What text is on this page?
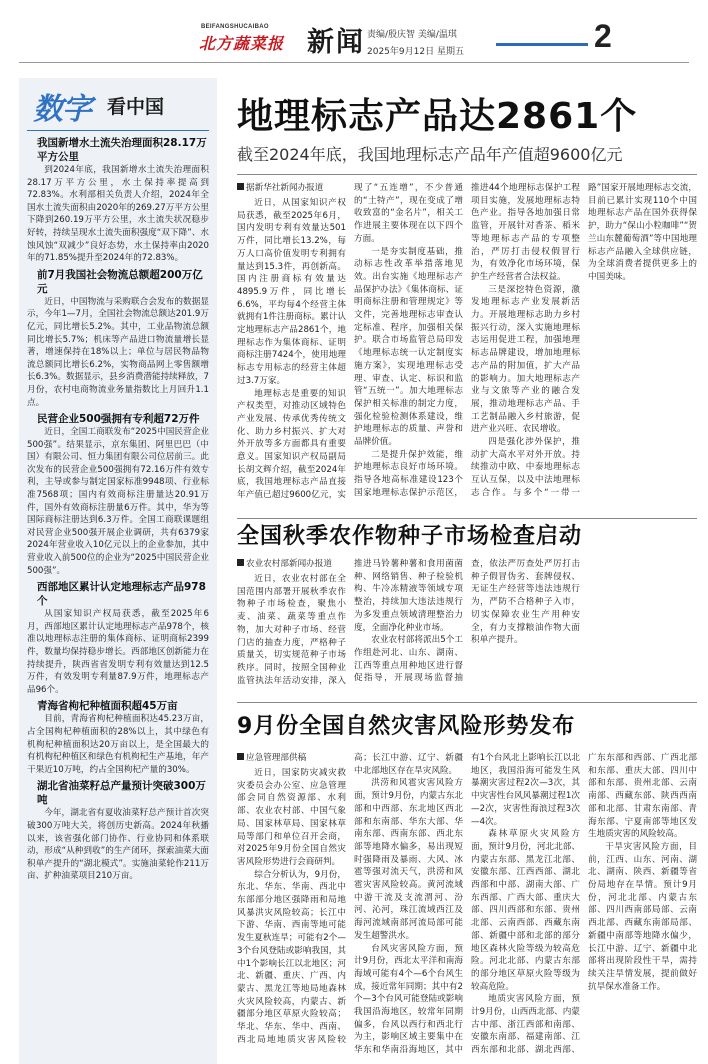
BEIFANGSHUCAIBAO
北方蔬菜报 新闻 责编/殷庆智 美编/温琪
2025年9月12日 星期五	2
数字 看中国
我国新增水土流失治理面积28.17万平方公里
到2024年底，我国新增水土流失治理面积28.17万平方公里，水土保持率提高到72.83%。水利部相关负责人介绍，2024年全国水土流失面积由2020年的269.27万平方公里下降到260.19万平方公里，水土流失状况稳步好转，持续呈现水土流失面积强度“双下降”、水蚀风蚀“双减少”良好态势，水土保持率由2020年的71.85%提升至2024年的72.83%。
前7月我国社会物流总额超200万亿元
近日，中国物流与采购联合会发布的数据显示，今年1—7月，全国社会物流总额达201.9万亿元，同比增长5.2%。其中，工业品物流总额同比增长5.7%；机床等产品进口物流量增长显著，增速保持在18%以上；单位与居民物品物流总额同比增长6.2%，实物商品网上零售额增长6.3%。数据显示，县乡消费潜能持续释放，7月份，农村电商物流业务量指数比上月回升1.1点。
民营企业500强拥有专利超72万件
近日，全国工商联发布“2025中国民营企业500强”。结果显示，京东集团、阿里巴巴（中国）有限公司、恒力集团有限公司位居前三。此次发布的民营企业500强拥有72.16万件有效专利，主导或参与制定国家标准9948项、行业标准7568项；国内有效商标注册量达20.91万件，国外有效商标注册量6万件。其中，华为等国际商标注册达到6.3万件。全国工商联课题组对民营企业500强开展企业调研，共有6379家2024年营业收入10亿元以上的企业参加，其中营业收入前500位的企业为“2025中国民营企业500强”。
西部地区累计认定地理标志产品978个
从国家知识产权局获悉，截至2025年6月，西部地区累计认定地理标志产品978个，核准以地理标志注册的集体商标、证明商标2399件，数量均保持稳步增长。西部地区创新能力在持续提升，陕西省省发明专利有效量达到12.5万件，有效发明专利量87.9万件，地理标志产品96个。
青海省枸杞种植面积超45万亩
目前，青海省枸杞种植面积达45.23万亩，占全国枸杞种植面积的28%以上，其中绿色有机枸杞种植面积达20万亩以上，是全国最大的有机枸杞种植区和绿色有机枸杞生产基地，年产干果近10万吨，约占全国枸杞产量的30%。
湖北省油菜籽总产量预计突破300万吨
今年，湖北省有夏收油菜籽总产预计首次突破300万吨大关，将创历史新高。2024年秋播以来，该省强化部门协作、行业协同和体系联动，形成“从种到收”的生产闭环，探索油菜大面积单产提升的“湖北模式”。实施油菜轮作211万亩、扩种油菜项目210万亩。
地理标志产品达2861个
截至2024年底，我国地理标志产品年产值超9600亿元
据新华社新闻办报道

近日，从国家知识产权局获悉，截至2025年6月，国内发明专利有效量达501万件，同比增长13.2%，每万人口高价值发明专利拥有量达到15.3件，再创新高。国内注册商标有效量达4895.9万件，同比增长6.6%，平均每4个经营主体就拥有1件注册商标。累计认定地理标志产品2861个，地理标志作为集体商标、证明商标注册7424个，使用地理标志专用标志的经营主体超过3.7万家。

地理标志是重要的知识产权类型，对推动区域特色产业发展、传承优秀传统文化、助力乡村振兴、扩大对外开放等多方面都具有重要意义。国家知识产权局副局长胡文辉介绍，截至2024年底，我国地理标志产品直接年产值已超过9600亿元，实现了“五连增”，不少普通的“土特产”，现在变成了增收致富的“金名片”，相关工作进展主要体现在以下四个方面。

一是夯实制度基础，推动标志性改革举措落地见效。出台实施《地理标志产品保护办法》《集体商标、证明商标注册和管理规定》等文件，完善地理标志审查认定标准、程序，加强相关保护。联合市场监管总局印发《地理标志统一认定制度实施方案》，实现地理标志受理、审查、认定、标识和监管“五统一”。加大地理标志保护相关标准的制定力度，强化检验检测体系建设，维护地理标志的质量、声誉和品牌价值。

二是提升保护效能，维护地理标志良好市场环境。指导各地高标准建设123个国家地理标志保护示范区，推进44个地理标志保护工程项目实施，发展地理标志特色产业。指导各地加强日常监管，开展针对香茶、稻米等地理标志产品的专项整治，严厉打击侵权假冒行为，有效净化市场环境，保护生产经营者合法权益。

三是深挖特色资源，激发地理标志产业发展新活力。开展地理标志助力乡村振兴行动，深入实施地理标志运用促进工程，加强地理标志品牌建设，增加地理标志产品的附加值，扩大产品的影响力。加大地理标志产业与文旅等产业的融合发展，推动地理标志产品、手工艺制品融入乡村旅游，促进产业兴旺、农民增收。

四是强化涉外保护，推动扩大高水平对外开放。持续推动中欧、中泰地理标志互认互保，以及中法地理标志合作。与多个“一带一路”国家开展地理标志交流，目前已累计实现110个中国地理标志产品在国外获得保护，助力“保山小粒咖啡”“贺兰山东麓葡萄酒”等中国地理标志产品融入全球供应链，为全球消费者提供更多上的中国美味。

全国秋季农作物种子市场检查启动
农业农村部新闻办报道

近日，农业农村部在全国范围内部署开展秋季农作物种子市场检查，聚焦小麦、油菜、蔬菜等重点作物，加大对种子市场、经营门店的抽查力度，严格种子质量关，切实规范种子市场秩序。同时，按照全国种业监管执法年活动安排，深入推进马铃薯种薯和食用菌菌种、网络销售、种子检验机构、牛冷冻精液等领域专项整治，持续加大违法违规行为多发重点领域清理整治力度，全面净化种业市场。

农业农村部将派出5个工作组赴河北、山东、湖南、江西等重点用种地区进行督促指导，开展现场监督抽查，依法严厉查处严厉打击种子假冒伪劣、套牌侵权、无证生产经营等违法违规行为，严防不合格种子入市，切实保障农业生产用种安全，有力支撑粮油作物大面积单产提升。

9月份全国自然灾害风险形势发布
应急管理部供稿

近日，国家防灾减灾救灾委员会办公室、应急管理部会同自然资源部、水利部、农业农村部、中国气象局、国家林草局、国家林草局等部门和单位召开会商，对2025年9月份全国自然灾害风险形势进行会商研判。

综合分析认为，9月份，东北、华东、华南、西北中东部部分地区强降雨和局地风暴洪灾风险较高；长江中下游、华南、西南等地可能发生夏秋连旱；可能有2个—3个台风登陆或影响我国，其中1个影响长江以北地区；河北、新疆、重庆、广西、内蒙古、黑龙江等地局地森林火灾风险较高，内蒙古、新疆部分地区草原火险较高；华北、华东、华中、西南、西北局地地质灾害风险较高；长江中游、辽宁、新疆中北部地区存在旱灾风险。

洪涝和风雹灾害风险方面，预计9月份，内蒙古东北部和中西部、东北地区西北部和东南部、华东大部、华南东部、西南东部、西北东部等地降水偏多，易出现短时强降雨及暴雨、大风、冰雹等强对流天气，洪涝和风雹灾害风险较高。黄河流域中游干流及支流渭河、汾河、沁河，珠江流域西江及海河流域南部河流局部可能发生超警洪水。

台风灾害风险方面，预计9月份，西北太平洋和南海海域可能有4个—6个台风生成，接近常年同期；其中有2个—3个台风可能登陆或影响我国沿海地区，较常年同期偏多，台风以西行和西北行为主，影响区域主要集中在华东和华南沿海地区，其中有1个台风北上影响长江以北地区，我国沿海可能发生风暴潮灾害过程2次—3次，其中灾害性台风风暴潮过程1次—2次，灾害性海浪过程3次—4次。

森林草原火灾风险方面，预计9月份，河北北部、内蒙古东部、黑龙江北部、安徽东部、江西西部、湖北西部和中部、湖南大部、广东西部、广西大部、重庆大部、四川西部和东部、贵州北部、云南西部、西藏东南部、新疆中部和北部的部分地区森林火险等级为较高危险。河北北部、内蒙古东部的部分地区草原火险等级为较高危险。

地质灾害风险方面，预计9月份，山西西北部、内蒙古中部、浙江西部和南部、安徽东南部、福建南部、江西东部和北部、湖北西部、广东东部和西部、广西北部和东部、重庆大部、四川中部和东部、贵州北部、云南南部、西藏东部、陕西西南部和北部、甘肃东南部、青海东部、宁夏南部等地区发生地质灾害的风险较高。

干旱灾害风险方面，目前，江西、山东、河南、湖北、湖南、陕西、新疆等省份局地存在旱情。预计9月份，河北北部、内蒙古东部、四川西南部局部、云南西北部、西藏东南部局部、新疆中南部等地降水偏少，长江中游、辽宁、新疆中北部将出现阶段性干旱，需持续关注旱情发展，提前做好抗旱保水准备工作。
